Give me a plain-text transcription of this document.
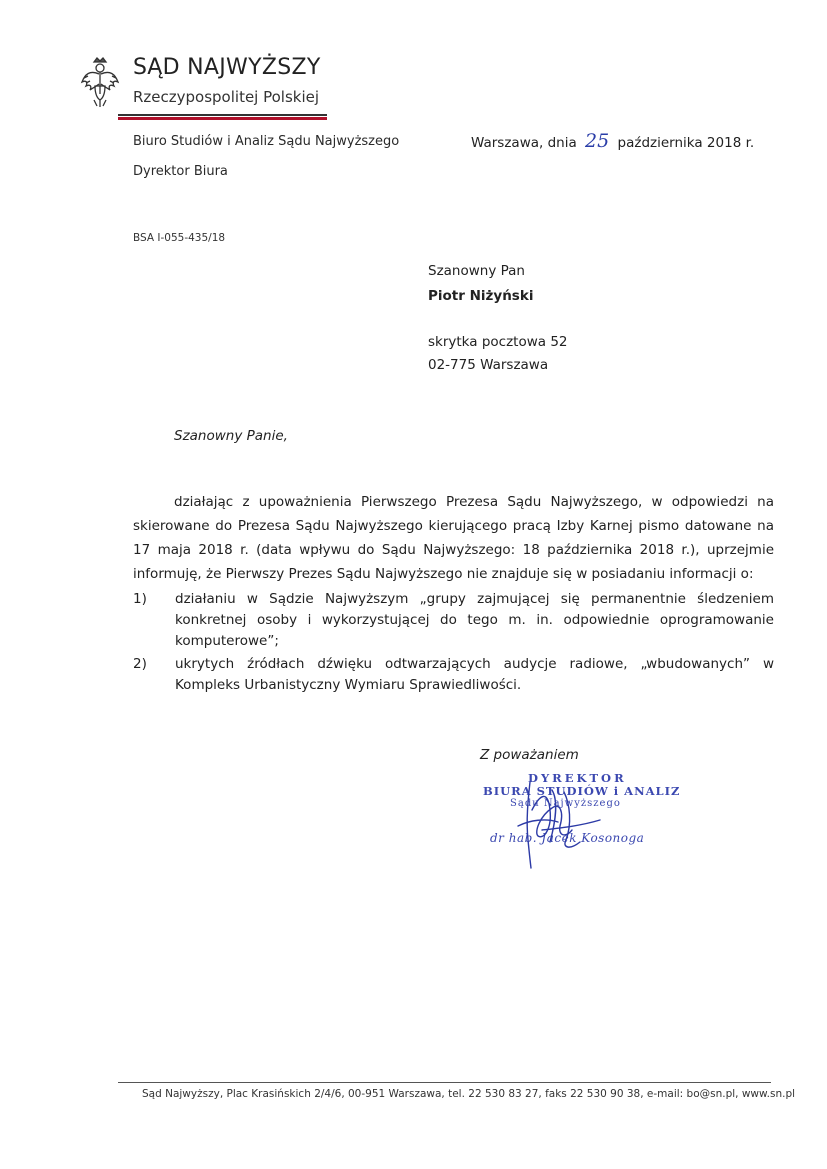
SĄD NAJWYŻSZY
Rzeczypospolitej Polskiej
Biuro Studiów i Analiz Sądu Najwyższego
Dyrektor Biura
BSA I-055-435/18
Warszawa, dnia 25 października 2018 r.
Szanowny Pan
Piotr Niżyński
skrytka pocztowa 52
02-775 Warszawa
Szanowny Panie,
działając z upoważnienia Pierwszego Prezesa Sądu Najwyższego, w odpowiedzi na skierowane do Prezesa Sądu Najwyższego kierującego pracą Izby Karnej pismo datowane na 17 maja 2018 r. (data wpływu do Sądu Najwyższego: 18 października 2018 r.), uprzejmie informuję, że Pierwszy Prezes Sądu Najwyższego nie znajduje się w posiadaniu informacji o:
1)	działaniu w Sądzie Najwyższym „grupy zajmującej się permanentnie śledzeniem konkretnej osoby i wykorzystującej do tego m. in. odpowiednie oprogramowanie komputerowe”;
2)	ukrytych źródłach dźwięku odtwarzających audycje radiowe, „wbudowanych” w Kompleks Urbanistyczny Wymiaru Sprawiedliwości.
Z poważaniem
DYREKTOR
BIURA STUDIÓW i ANALIZ
Sądu Najwyższego
dr hab. Jacek Kosonoga
Sąd Najwyższy, Plac Krasińskich 2/4/6, 00-951 Warszawa, tel. 22 530 83 27, faks 22 530 90 38, e-mail: bo@sn.pl, www.sn.pl
